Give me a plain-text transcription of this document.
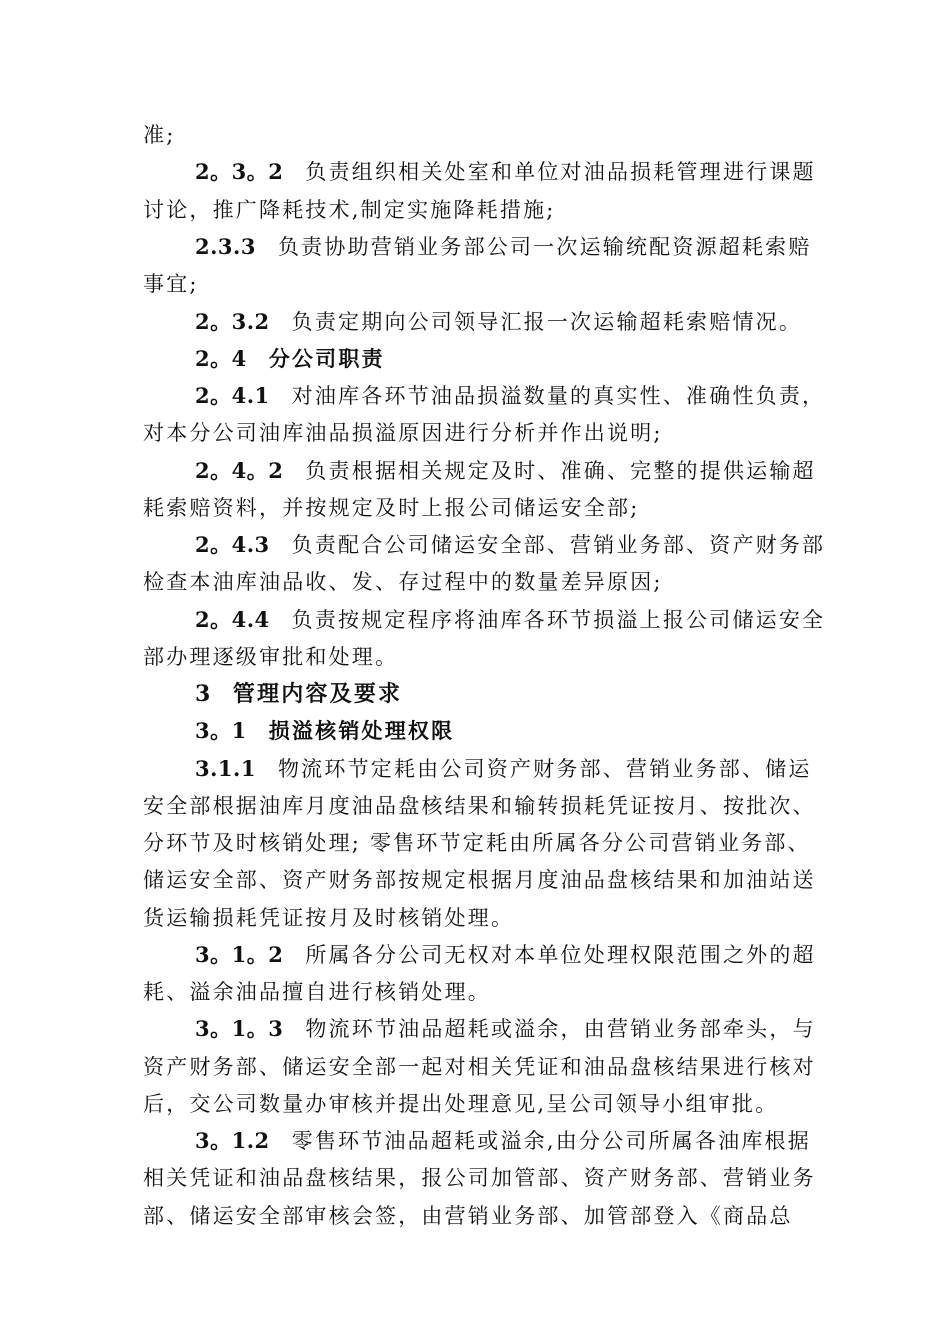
准;
2。3。2 负责组织相关处室和单位对油品损耗管理进行课题
讨论，推广降耗技术,制定实施降耗措施;
2.3.3 负责协助营销业务部公司一次运输统配资源超耗索赔
事宜;
2。3.2 负责定期向公司领导汇报一次运输超耗索赔情况。
2。4 分公司职责
2。4.1 对油库各环节油品损溢数量的真实性、准确性负责，
对本分公司油库油品损溢原因进行分析并作出说明;
2。4。2 负责根据相关规定及时、准确、完整的提供运输超
耗索赔资料，并按规定及时上报公司储运安全部;
2。4.3 负责配合公司储运安全部、营销业务部、资产财务部
检查本油库油品收、发、存过程中的数量差异原因;
2。4.4 负责按规定程序将油库各环节损溢上报公司储运安全
部办理逐级审批和处理。
3 管理内容及要求
3。1 损溢核销处理权限
3.1.1 物流环节定耗由公司资产财务部、营销业务部、储运
安全部根据油库月度油品盘核结果和输转损耗凭证按月、按批次、
分环节及时核销处理; 零售环节定耗由所属各分公司营销业务部、
储运安全部、资产财务部按规定根据月度油品盘核结果和加油站送
货运输损耗凭证按月及时核销处理。
3。1。2 所属各分公司无权对本单位处理权限范围之外的超
耗、溢余油品擅自进行核销处理。
3。1。3 物流环节油品超耗或溢余，由营销业务部牵头，与
资产财务部、储运安全部一起对相关凭证和油品盘核结果进行核对
后，交公司数量办审核并提出处理意见,呈公司领导小组审批。
3。1.2 零售环节油品超耗或溢余,由分公司所属各油库根据
相关凭证和油品盘核结果，报公司加管部、资产财务部、营销业务
部、储运安全部审核会签，由营销业务部、加管部登入《商品总
